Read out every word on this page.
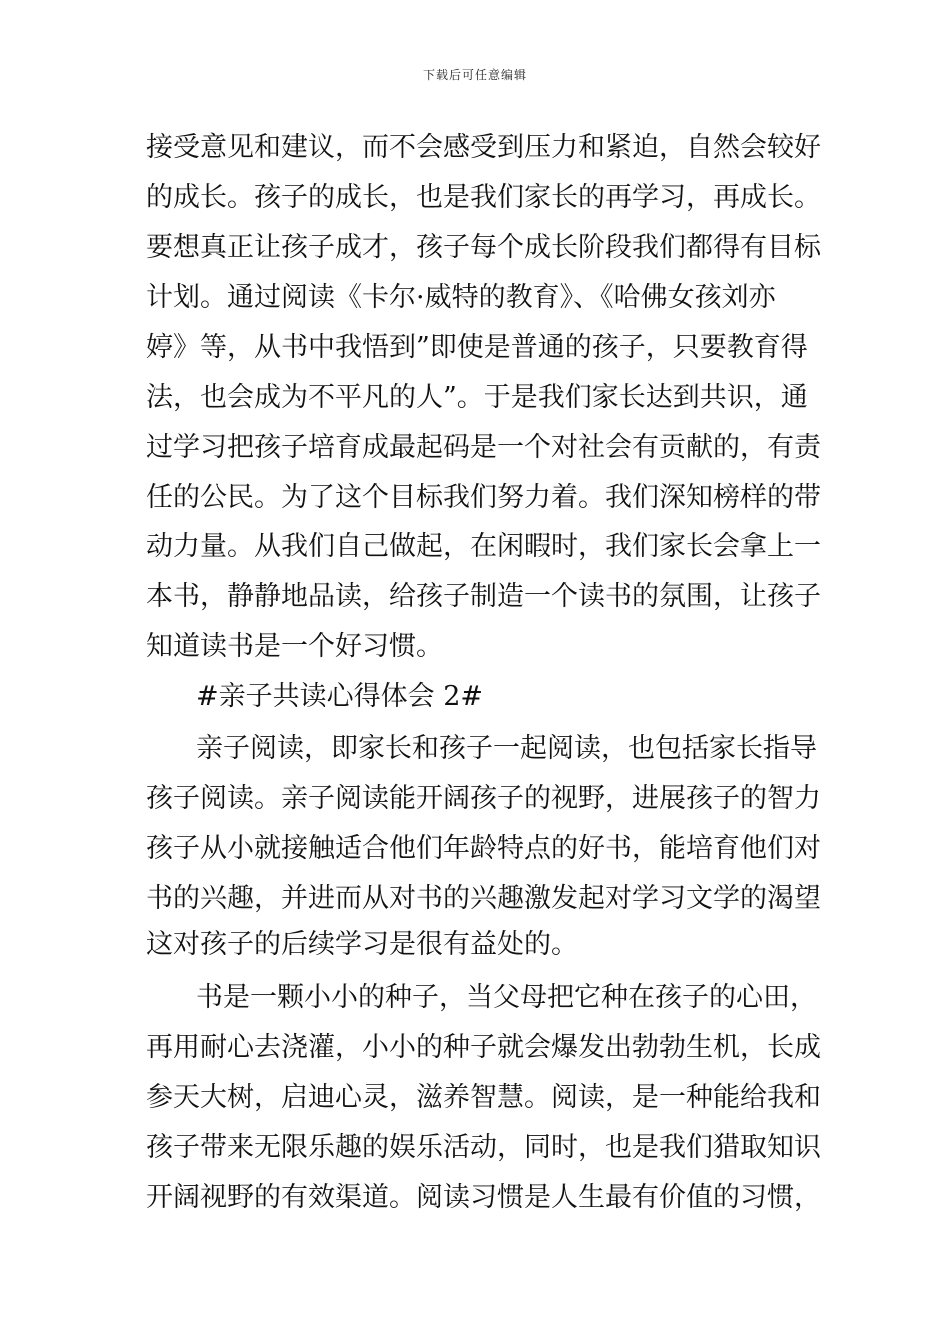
下载后可任意编辑
接受意见和建议，而不会感受到压力和紧迫，自然会较好
的成长。孩子的成长，也是我们家长的再学习，再成长。
要想真正让孩子成才，孩子每个成长阶段我们都得有目标
计划。通过阅读《卡尔·威特的教育》、《哈佛女孩刘亦
婷》等，从书中我悟到”即使是普通的孩子，只要教育得
法，也会成为不平凡的人”。于是我们家长达到共识，通
过学习把孩子培育成最起码是一个对社会有贡献的，有责
任的公民。为了这个目标我们努力着。我们深知榜样的带
动力量。从我们自己做起，在闲暇时，我们家长会拿上一
本书，静静地品读，给孩子制造一个读书的氛围，让孩子
知道读书是一个好习惯。
#亲子共读心得体会 2#
亲子阅读，即家长和孩子一起阅读，也包括家长指导
孩子阅读。亲子阅读能开阔孩子的视野，进展孩子的智力
孩子从小就接触适合他们年龄特点的好书，能培育他们对
书的兴趣，并进而从对书的兴趣激发起对学习文学的渴望
这对孩子的后续学习是很有益处的。
书是一颗小小的种子，当父母把它种在孩子的心田，
再用耐心去浇灌，小小的种子就会爆发出勃勃生机，长成
参天大树，启迪心灵，滋养智慧。阅读，是一种能给我和
孩子带来无限乐趣的娱乐活动，同时，也是我们猎取知识
开阔视野的有效渠道。阅读习惯是人生最有价值的习惯，
